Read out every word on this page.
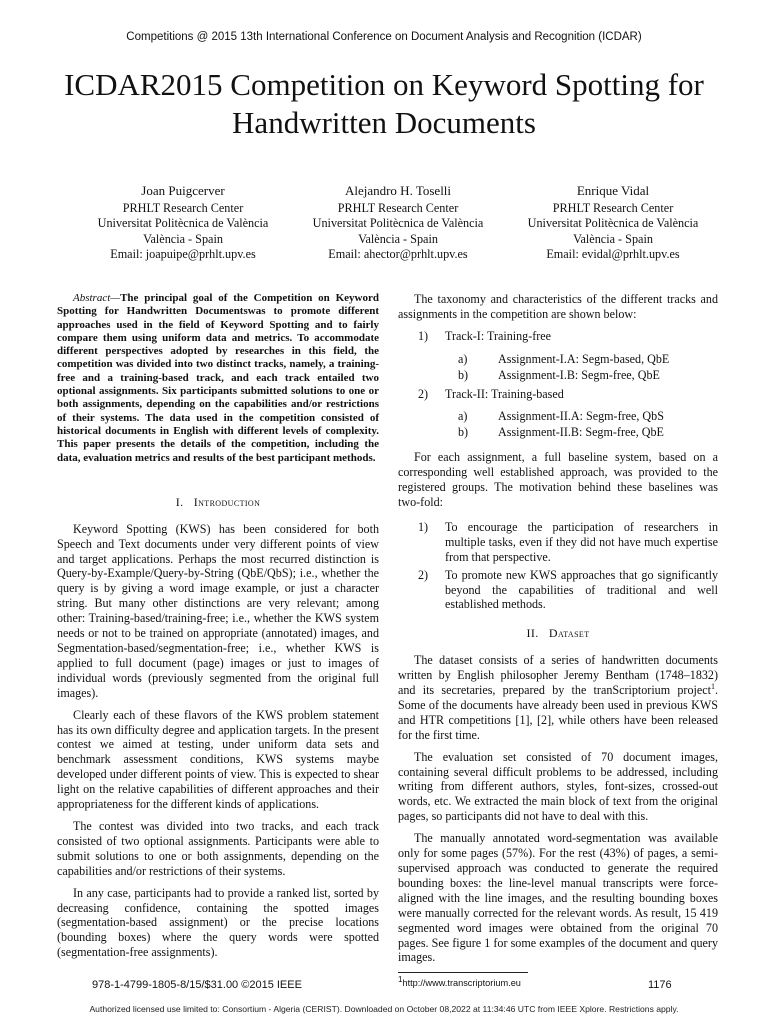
Competitions @ 2015 13th International Conference on Document Analysis and Recognition (ICDAR)
ICDAR2015 Competition on Keyword Spotting for
Handwritten Documents
Joan Puigcerver
PRHLT Research Center
Universitat Politècnica de València
València - Spain
Email: joapuipe@prhlt.upv.es
Alejandro H. Toselli
PRHLT Research Center
Universitat Politècnica de València
València - Spain
Email: ahector@prhlt.upv.es
Enrique Vidal
PRHLT Research Center
Universitat Politècnica de València
València - Spain
Email: evidal@prhlt.upv.es

Abstract—The principal goal of the Competition on Keyword Spotting for Handwritten Documentswas to promote different approaches used in the field of Keyword Spotting and to fairly compare them using uniform data and metrics. To accommodate different perspectives adopted by researches in this field, the competition was divided into two distinct tracks, namely, a training-free and a training-based track, and each track entailed two optional assignments. Six participants submitted solutions to one or both assignments, depending on the capabilities and/or restrictions of their systems. The data used in the competition consisted of historical documents in English with different levels of complexity. This paper presents the details of the competition, including the data, evaluation metrics and results of the best participant methods.

I. Introduction

Keyword Spotting (KWS) has been considered for both Speech and Text documents under very different points of view and target applications. Perhaps the most recurred distinction is Query-by-Example/Query-by-String (QbE/QbS); i.e., whether the query is by giving a word image example, or just a character string. But many other distinctions are very relevant; among other: Training-based/training-free; i.e., whether the KWS system needs or not to be trained on appropriate (annotated) images, and Segmentation-based/segmentation-free; i.e., whether KWS is applied to full document (page) images or just to images of individual words (previously segmented from the original full images).

Clearly each of these flavors of the KWS problem statement has its own difficulty degree and application targets. In the present contest we aimed at testing, under uniform data sets and benchmark assessment conditions, KWS systems maybe developed under different points of view. This is expected to shear light on the relative capabilities of different approaches and their appropriateness for the different kinds of applications.

The contest was divided into two tracks, and each track consisted of two optional assignments. Participants were able to submit solutions to one or both assignments, depending on the capabilities and/or restrictions of their systems.

In any case, participants had to provide a ranked list, sorted by decreasing confidence, containing the spotted images (segmentation-based assignment) or the precise locations (bounding boxes) where the query words were spotted (segmentation-free assignments).

The taxonomy and characteristics of the different tracks and assignments in the competition are shown below:

1)	Track-I: Training-free
a)	Assignment-I.A: Segm-based, QbE
b)	Assignment-I.B: Segm-free, QbE
2)	Track-II: Training-based
a)	Assignment-II.A: Segm-free, QbS
b)	Assignment-II.B: Segm-free, QbE

For each assignment, a full baseline system, based on a corresponding well established approach, was provided to the registered groups. The motivation behind these baselines was two-fold:

1)	To encourage the participation of researchers in multiple tasks, even if they did not have much expertise from that perspective.
2)	To promote new KWS approaches that go significantly beyond the capabilities of traditional and well established methods.
II. Dataset

The dataset consists of a series of handwritten documents written by English philosopher Jeremy Bentham (1748–1832) and its secretaries, prepared by the tranScriptorium project$^1$. Some of the documents have already been used in previous KWS and HTR competitions [1], [2], while others have been released for the first time.

The evaluation set consisted of 70 document images, containing several difficult problems to be addressed, including writing from different authors, styles, font-sizes, crossed-out words, etc. We extracted the main block of text from the original pages, so participants did not have to deal with this.

The manually annotated word-segmentation was available only for some pages (57%). For the rest (43%) of pages, a semi-supervised approach was conducted to generate the required bounding boxes: the line-level manual transcripts were force-aligned with the line images, and the resulting bounding boxes were manually corrected for the relevant words. As result, 15 419 segmented word images were obtained from the original 70 pages. See figure 1 for some examples of the document and query images.

$^1$http://www.transcriptorium.eu
978-1-4799-1805-8/15/$31.00 ©2015 IEEE	1176
Authorized licensed use limited to: Consortium - Algeria (CERIST). Downloaded on October 08,2022 at 11:34:46 UTC from IEEE Xplore. Restrictions apply.
